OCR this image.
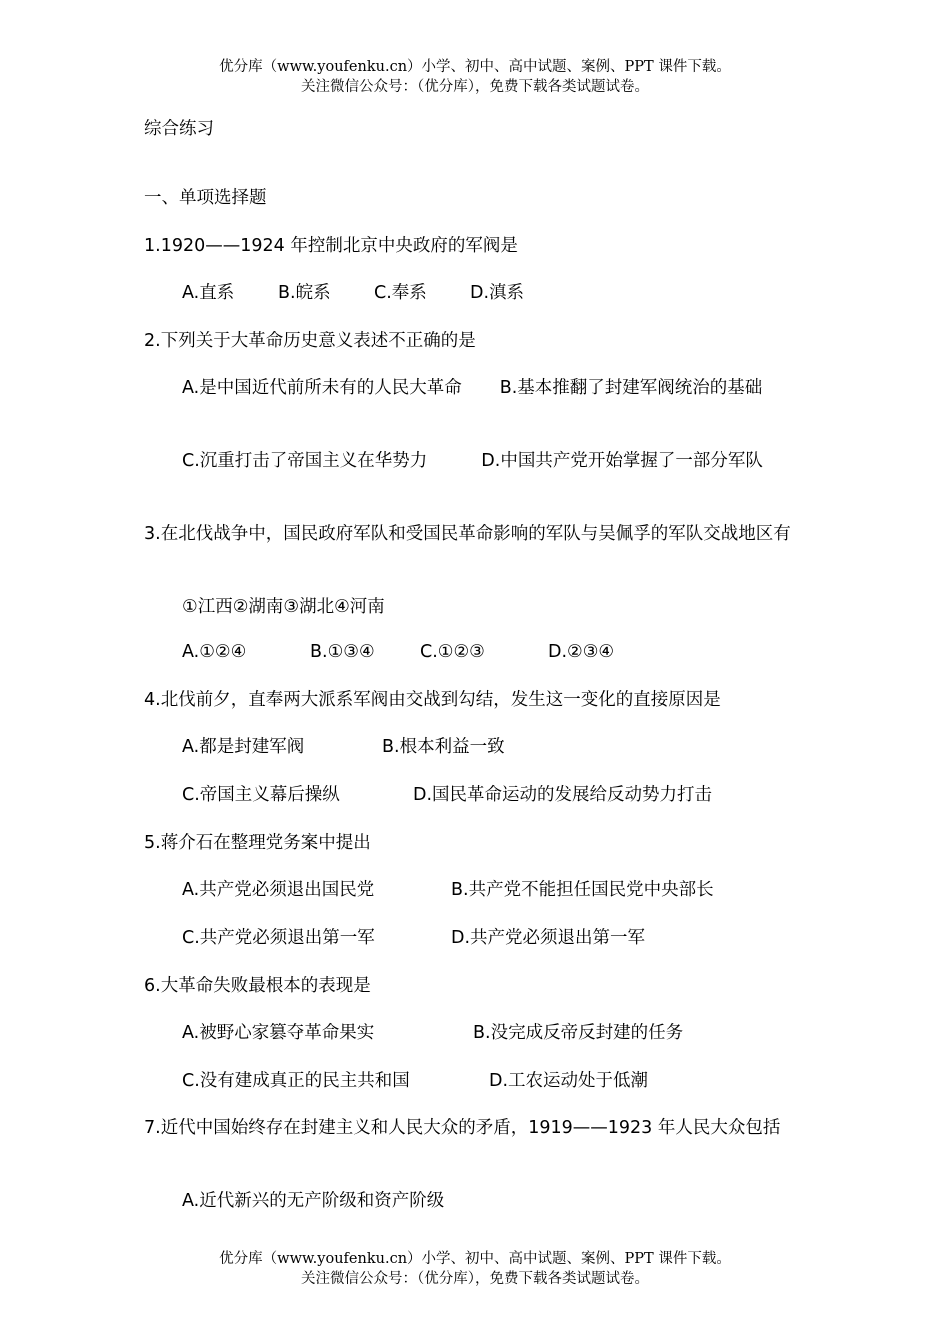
优分库（www.youfenku.cn）小学、初中、高中试题、案例、PPT 课件下载。
关注微信公众号：（优分库），免费下载各类试题试卷。
综合练习
一、单项选择题
1.1920——1924 年控制北京中央政府的军阀是
A.直系	B.皖系 C.奉系 D.滇系
2.下列关于大革命历史意义表述不正确的是
A.是中国近代前所未有的人民大革命 B.基本推翻了封建军阀统治的基础
C.沉重打击了帝国主义在华势力	D.中国共产党开始掌握了一部分军队
3.在北伐战争中，国民政府军队和受国民革命影响的军队与吴佩孚的军队交战地区有
①江西②湖南③湖北④河南
A.①②④	B.①③④	C.①②③	D.②③④
4.北伐前夕，直奉两大派系军阀由交战到勾结，发生这一变化的直接原因是
A.都是封建军阀	B.根本利益一致
C.帝国主义幕后操纵	D.国民革命运动的发展给反动势力打击
5.蒋介石在整理党务案中提出
A.共产党必须退出国民党	B.共产党不能担任国民党中央部长
C.共产党必须退出第一军	D.共产党必须退出第一军
6.大革命失败最根本的表现是
A.被野心家篡夺革命果实	B.没完成反帝反封建的任务
C.没有建成真正的民主共和国	D.工农运动处于低潮
7.近代中国始终存在封建主义和人民大众的矛盾，1919——1923 年人民大众包括
A.近代新兴的无产阶级和资产阶级
优分库（www.youfenku.cn）小学、初中、高中试题、案例、PPT 课件下载。
关注微信公众号：（优分库），免费下载各类试题试卷。
